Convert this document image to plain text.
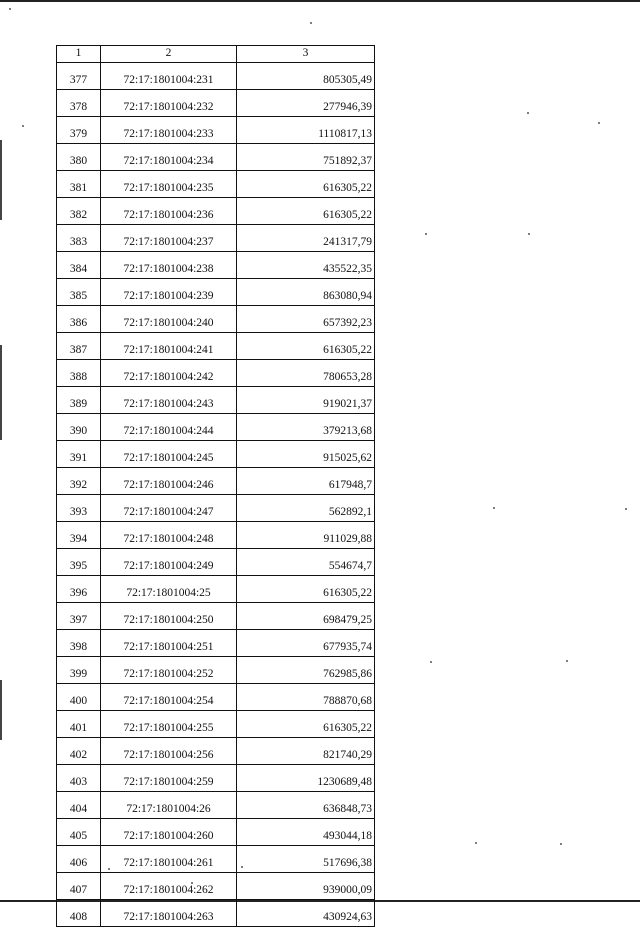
1	2	3
377	72:17:1801004:231	805305,49
378	72:17:1801004:232	277946,39
379	72:17:1801004:233	1110817,13
380	72:17:1801004:234	751892,37
381	72:17:1801004:235	616305,22
382	72:17:1801004:236	616305,22
383	72:17:1801004:237	241317,79
384	72:17:1801004:238	435522,35
385	72:17:1801004:239	863080,94
386	72:17:1801004:240	657392,23
387	72:17:1801004:241	616305,22
388	72:17:1801004:242	780653,28
389	72:17:1801004:243	919021,37
390	72:17:1801004:244	379213,68
391	72:17:1801004:245	915025,62
392	72:17:1801004:246	617948,7
393	72:17:1801004:247	562892,1
394	72:17:1801004:248	911029,88
395	72:17:1801004:249	554674,7
396	72:17:1801004:25	616305,22
397	72:17:1801004:250	698479,25
398	72:17:1801004:251	677935,74
399	72:17:1801004:252	762985,86
400	72:17:1801004:254	788870,68
401	72:17:1801004:255	616305,22
402	72:17:1801004:256	821740,29
403	72:17:1801004:259	1230689,48
404	72:17:1801004:26	636848,73
405	72:17:1801004:260	493044,18
406	72:17:1801004:261	517696,38
407	72:17:1801004:262	939000,09
408	72:17:1801004:263	430924,63
